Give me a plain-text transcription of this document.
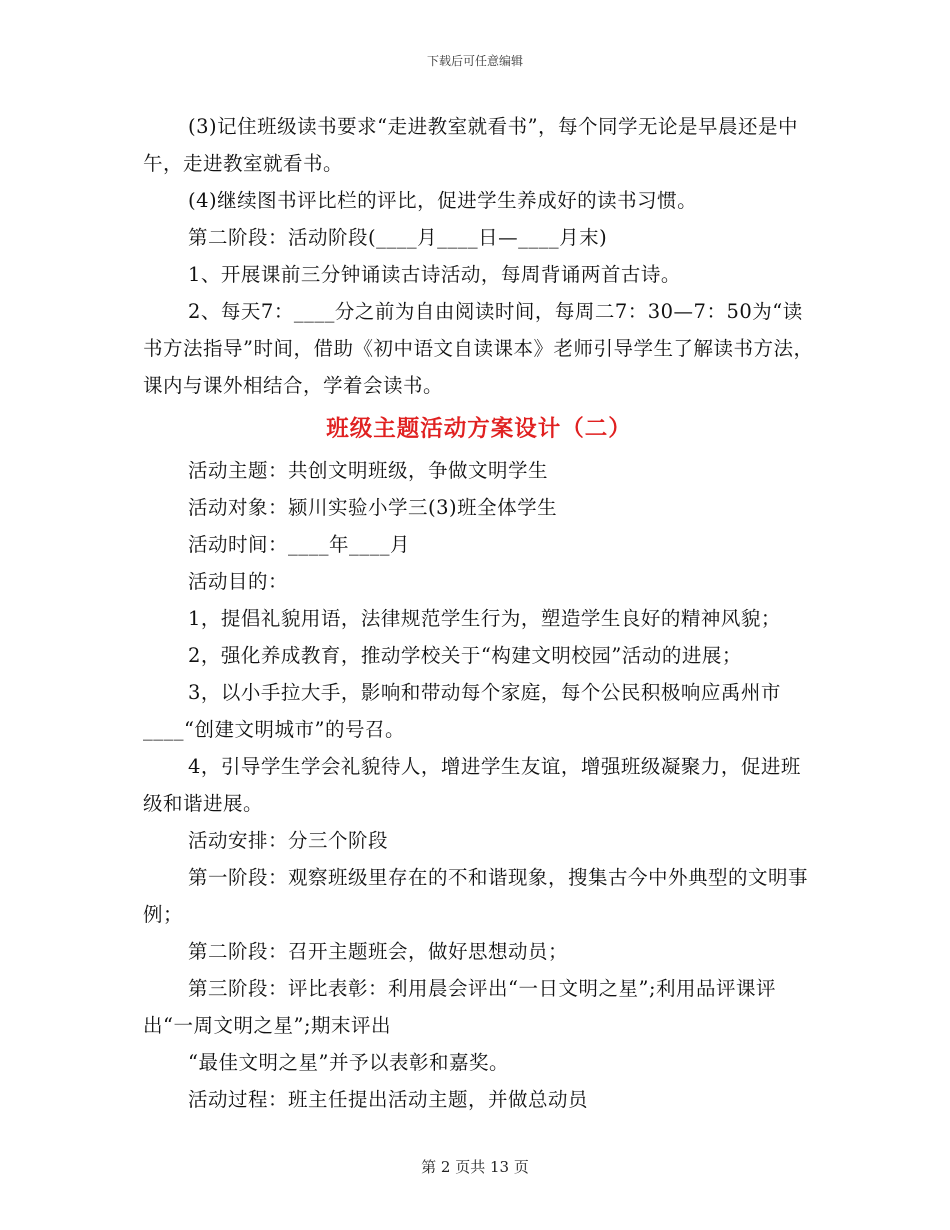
下载后可任意编辑

(3)记住班级读书要求“走进教室就看书”，每个同学无论是早晨还是中午，走进教室就看书。

(4)继续图书评比栏的评比，促进学生养成好的读书习惯。

第二阶段：活动阶段(____月____日—____月末)

1、开展课前三分钟诵读古诗活动，每周背诵两首古诗。

2、每天7：____分之前为自由阅读时间，每周二7：30—7：50为“读书方法指导”时间，借助《初中语文自读课本》老师引导学生了解读书方法，课内与课外相结合，学着会读书。

班级主题活动方案设计（二）

活动主题：共创文明班级，争做文明学生

活动对象：颍川实验小学三(3)班全体学生

活动时间：____年____月

活动目的：

1，提倡礼貌用语，法律规范学生行为，塑造学生良好的精神风貌；

2，强化养成教育，推动学校关于“构建文明校园”活动的进展；

3，以小手拉大手，影响和带动每个家庭，每个公民积极响应禹州市____“创建文明城市”的号召。

4，引导学生学会礼貌待人，增进学生友谊，增强班级凝聚力，促进班级和谐进展。

活动安排：分三个阶段

第一阶段：观察班级里存在的不和谐现象，搜集古今中外典型的文明事例；

第二阶段：召开主题班会，做好思想动员；

第三阶段：评比表彰：利用晨会评出“一日文明之星”;利用品评课评出“一周文明之星”;期末评出

“最佳文明之星”并予以表彰和嘉奖。

活动过程：班主任提出活动主题，并做总动员

第 2 页共 13 页
